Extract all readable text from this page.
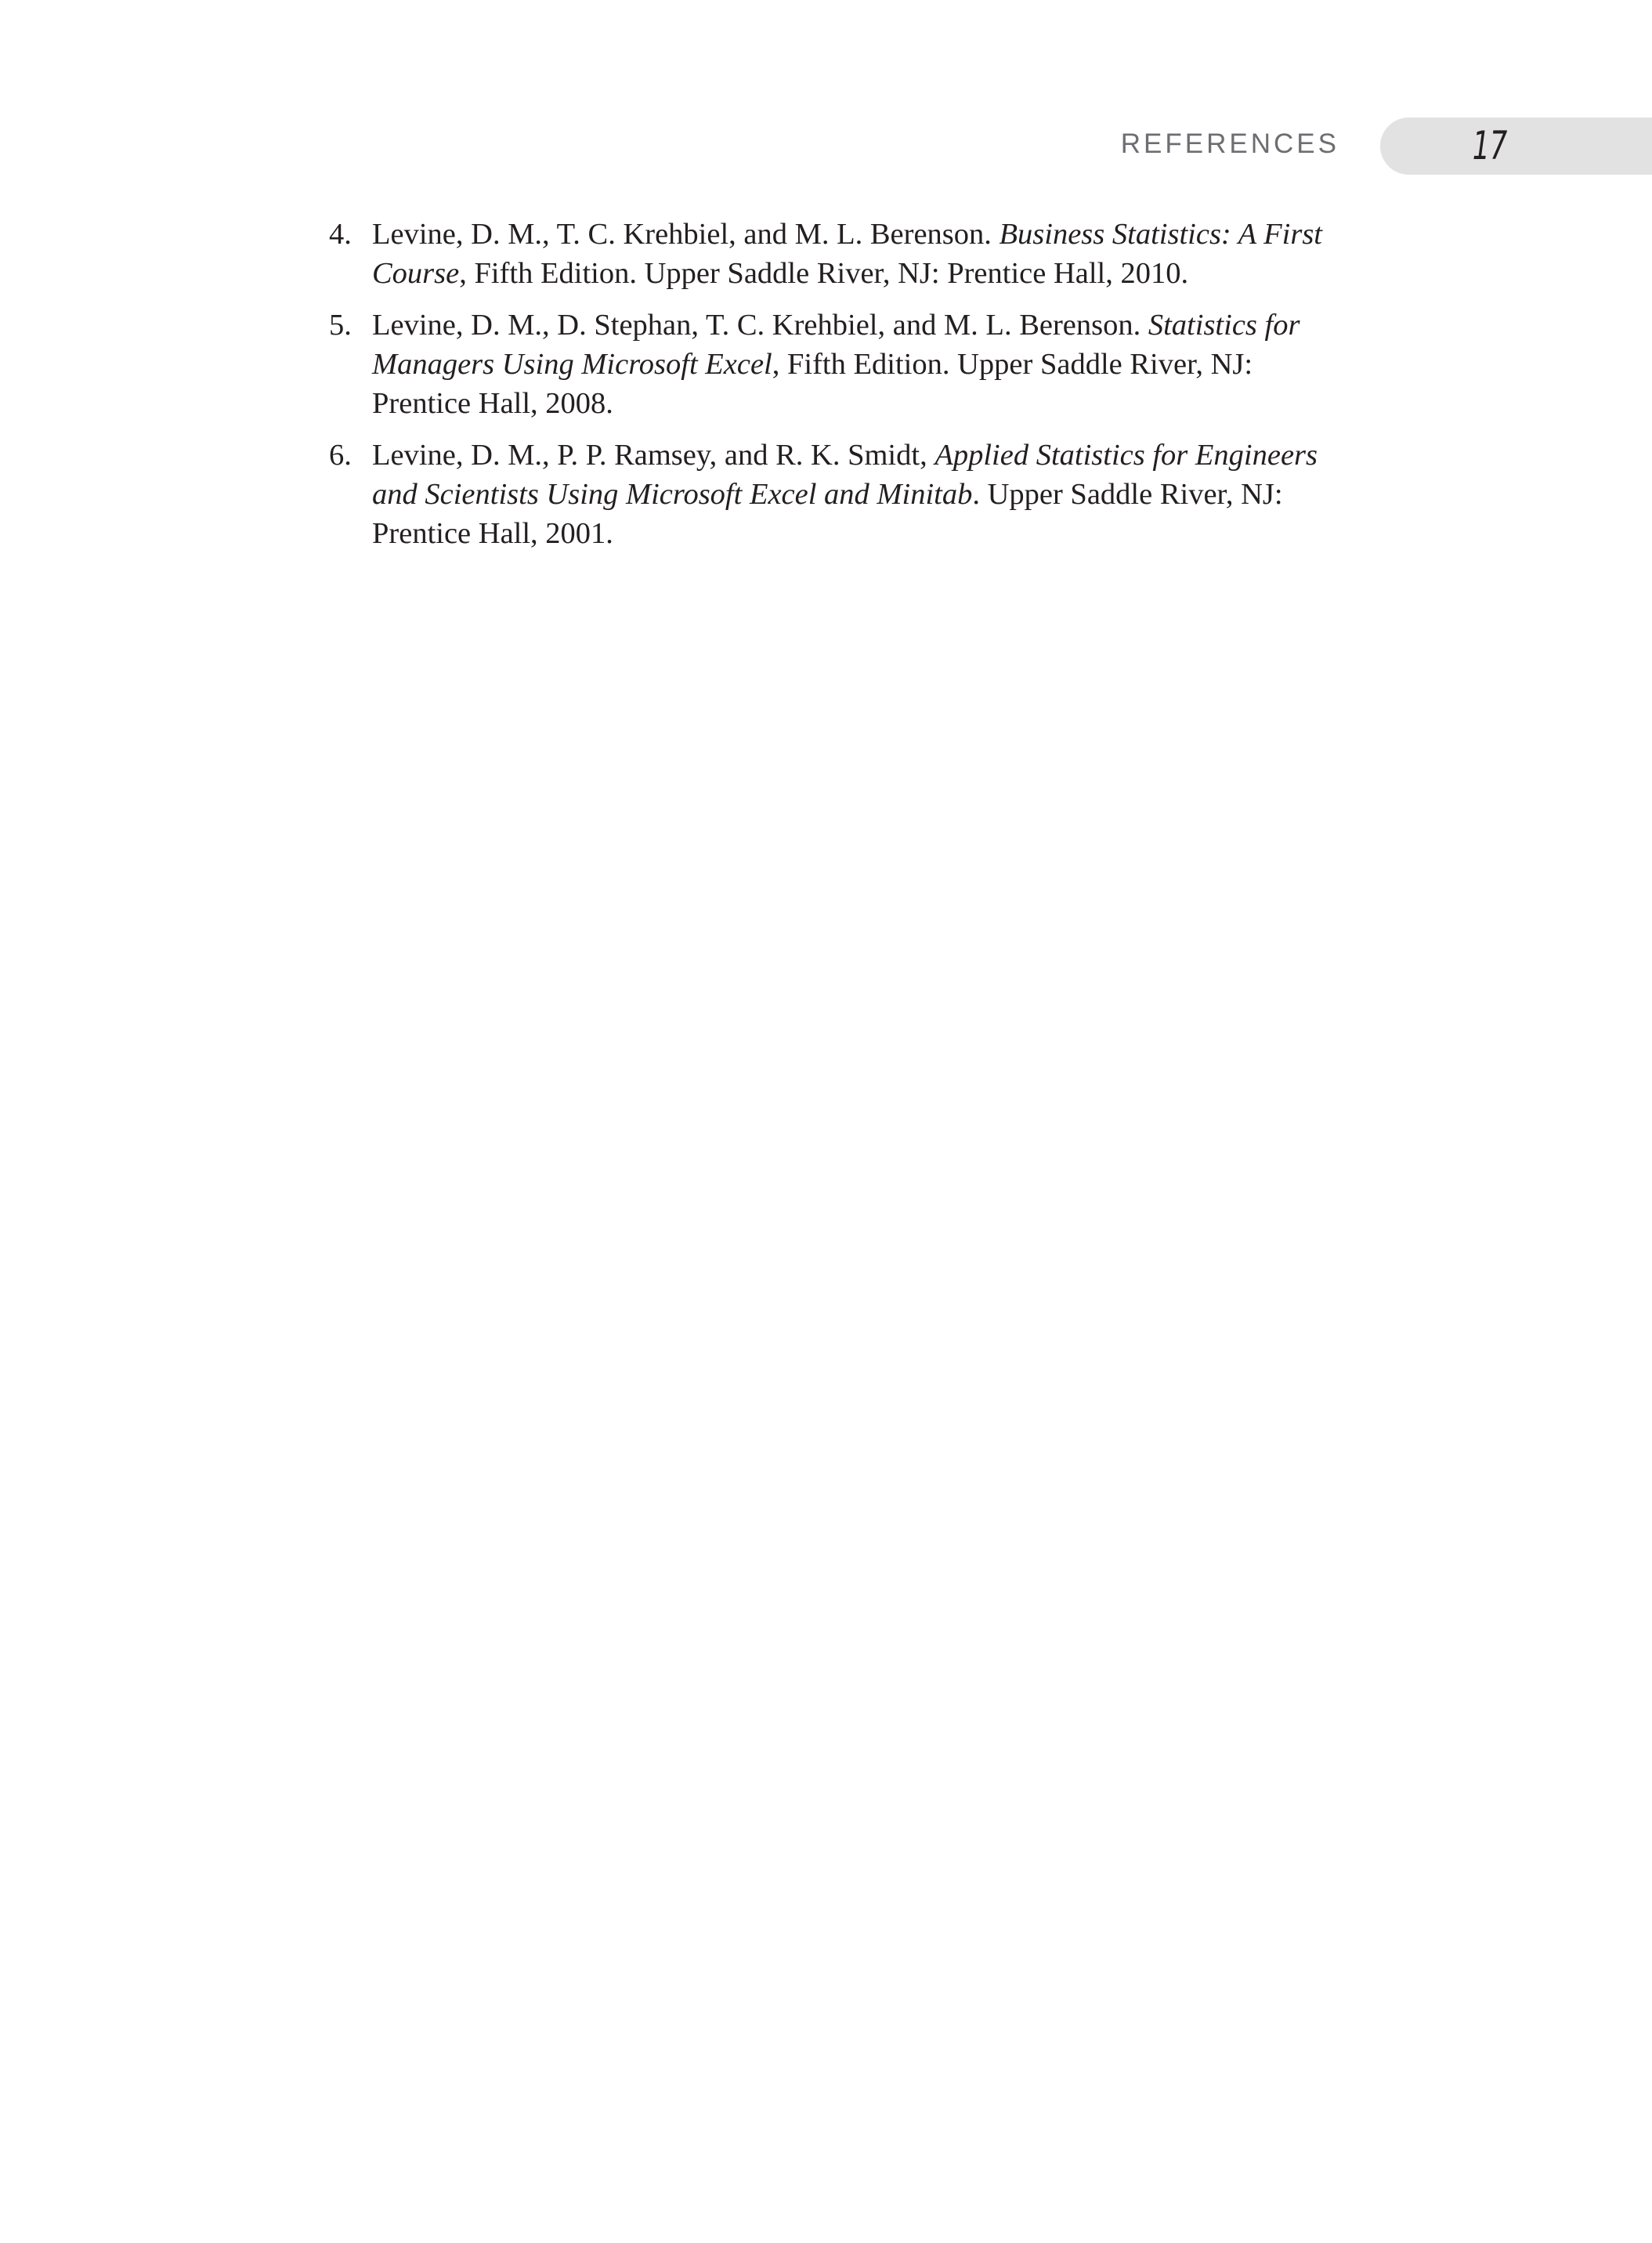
REFERENCES	17
4. Levine, D. M., T. C. Krehbiel, and M. L. Berenson. Business Statistics: A First Course, Fifth Edition. Upper Saddle River, NJ: Prentice Hall, 2010.
5. Levine, D. M., D. Stephan, T. C. Krehbiel, and M. L. Berenson. Statistics for Managers Using Microsoft Excel, Fifth Edition. Upper Saddle River, NJ: Prentice Hall, 2008.
6. Levine, D. M., P. P. Ramsey, and R. K. Smidt, Applied Statistics for Engineers and Scientists Using Microsoft Excel and Minitab. Upper Saddle River, NJ: Prentice Hall, 2001.
